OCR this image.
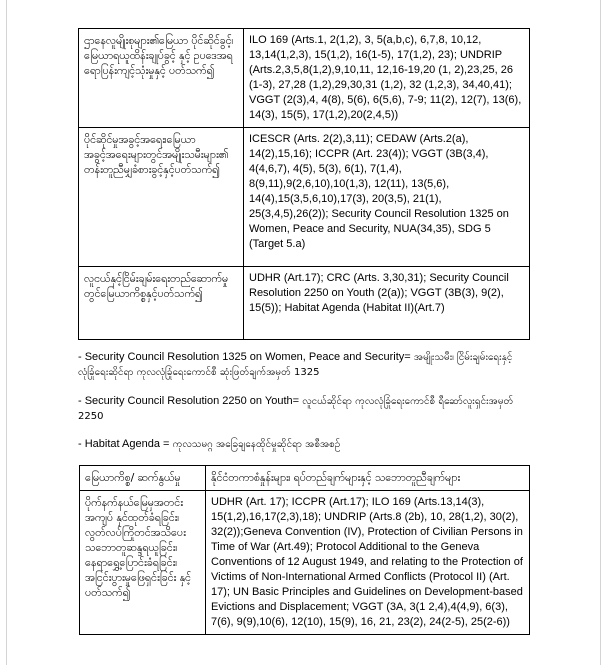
ဌာနေလူမျိုးစုများ၏မြေယာ ပိုင်ဆိုင်ခွင့်၊ မြေယာရယူထိန်းချုပ်ခွင့် နှင့် ဥပဒေအရရောပြန်းကျင့်သုံးမှုနှင့် ပတ်သက်၍	ILO 169 (Arts.1, 2(1,2), 3, 5(a,b,c), 6,7,8, 10,12, 13,14(1,2,3), 15(1,2), 16(1-5), 17(1,2), 23); UNDRIP (Arts.2,3,5,8(1,2),9,10,11, 12,16-19,20 (1, 2),23,25, 26 (1-3), 27,28 (1,2),29,30,31 (1,2), 32 (1,2,3), 34,40,41); VGGT (2(3),4, 4(8), 5(6), 6(5,6), 7-9; 11(2), 12(7), 13(6), 14(3), 15(5), 17(1,2),20(2,4,5))
ပိုင်ဆိုင်မှုအခွင့်အရေး၊မြေယာအခွင့်အရေးများတွင်အမျိုးသမီးများ၏ တန်းတူညီမျှခံစားခွင့်နှင့်ပတ်သက်၍	ICESCR (Arts. 2(2),3,11); CEDAW (Arts.2(a), 14(2),15,16); ICCPR (Art. 23(4)); VGGT (3B(3,4), 4(4,6,7), 4(5), 5(3), 6(1), 7(1,4), 8(9,11),9(2,6,10),10(1,3), 12(11), 13(5,6), 14(4),15(3,5,6,10),17(3), 20(3,5), 21(1), 25(3,4,5),26(2)); Security Council Resolution 1325 on Women, Peace and Security, NUA(34,35), SDG 5 (Target 5.a)
လူငယ်နှင့်ငြိမ်းချမ်းရေးတည်ဆောက်မှုတွင်မြေယာကိစ္စနှင့်ပတ်သက်၍	UDHR (Art.17); CRC (Arts. 3,30,31); Security Council Resolution 2250 on Youth (2(a)); VGGT (3B(3), 9(2), 15(5)); Habitat Agenda (Habitat II)(Art.7)

- Security Council Resolution 1325 on Women, Peace and Security= အမျိုးသမီး၊ ငြိမ်းချမ်းရေးနှင့် လုံခြုံရေးဆိုင်ရာ ကုလလုံခြုံရေးကောင်စီ ဆုံးဖြတ်ချက်အမှတ် 1325

- Security Council Resolution 2250 on Youth= လူငယ်ဆိုင်ရာ ကုလလုံခြုံရေးကောင်စီ ရီဆော်လူးရှင်းအမှတ် 2250

- Habitat Agenda = ကုလသမဂ္ဂ အခြေချနေထိုင်မှုဆိုင်ရာ အစီအစဉ်

မြေယာကိစ္စ/ ဆက်နွယ်မှု	နိုင်ငံတကာစံနှုန်းများ၊ ရပ်တည်ချက်များနှင့် သဘောတူညီချက်များ
ပိုက်နက်နယ်မြေမှအတင်း အကျပ် နှင်ထုတ်ခံရခြင်း၊ လွတ်လပ်ကြိုတင်အသိပေး သဘောတူဆန္ဒရယူခြင်း၊ နေရာရွှေ့ပြောင်းခံရခြင်း၊ အငြင်းပွားမှုဖြေရှင်းခြင်း နှင့် ပတ်သက်၍	UDHR (Art. 17); ICCPR (Art.17); ILO 169 (Arts.13,14(3), 15(1,2),16,17(2,3),18); UNDRIP (Arts.8 (2b), 10, 28(1,2), 30(2), 32(2));Geneva Convention (IV), Protection of Civilian Persons in Time of War (Art.49); Protocol Additional to the Geneva Conventions of 12 August 1949, and relating to the Protection of Victims of Non-International Armed Conflicts (Protocol II) (Art. 17); UN Basic Principles and Guidelines on Development-based Evictions and Displacement; VGGT (3A, 3(1 2,4),4(4,9), 6(3), 7(6), 9(9),10(6), 12(10), 15(9), 16, 21, 23(2), 24(2-5), 25(2-6))
